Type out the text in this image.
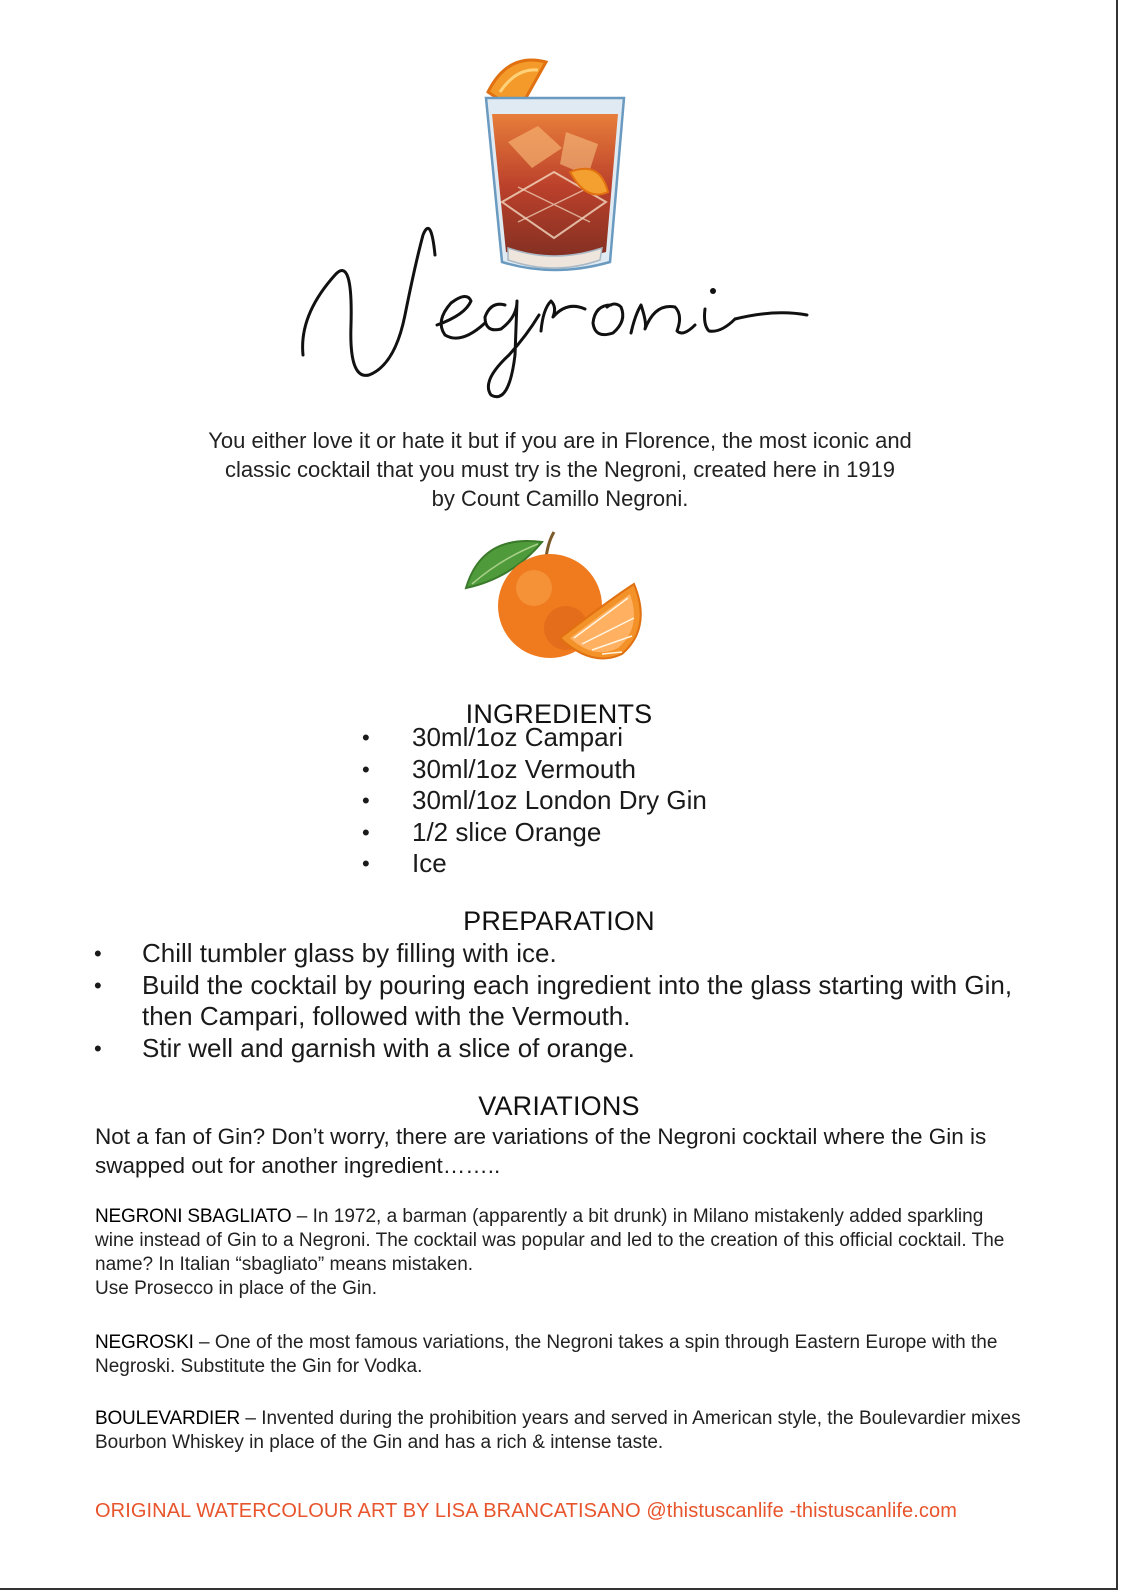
You either love it or hate it but if you are in Florence, the most iconic and
classic cocktail that you must try is the Negroni, created here in 1919
by Count Camillo Negroni.
INGREDIENTS
• 30ml/1oz Campari
• 30ml/1oz Vermouth
• 30ml/1oz London Dry Gin
• 1/2 slice Orange
• Ice
PREPARATION
• Chill tumbler glass by filling with ice.
• Build the cocktail by pouring each ingredient into the glass starting with Gin, then Campari, followed with the Vermouth.
• Stir well and garnish with a slice of orange.
VARIATIONS
Not a fan of Gin? Don’t worry, there are variations of the Negroni cocktail where the Gin is swapped out for another ingredient……..
NEGRONI SBAGLIATO – In 1972, a barman (apparently a bit drunk) in Milano mistakenly added sparkling wine instead of Gin to a Negroni. The cocktail was popular and led to the creation of this official cocktail. The name? In Italian “sbagliato” means mistaken.
Use Prosecco in place of the Gin.
NEGROSKI – One of the most famous variations, the Negroni takes a spin through Eastern Europe with the Negroski. Substitute the Gin for Vodka.
BOULEVARDIER – Invented during the prohibition years and served in American style, the Boulevardier mixes Bourbon Whiskey in place of the Gin and has a rich & intense taste.
ORIGINAL WATERCOLOUR ART BY LISA BRANCATISANO @thistuscanlife -thistuscanlife.com
